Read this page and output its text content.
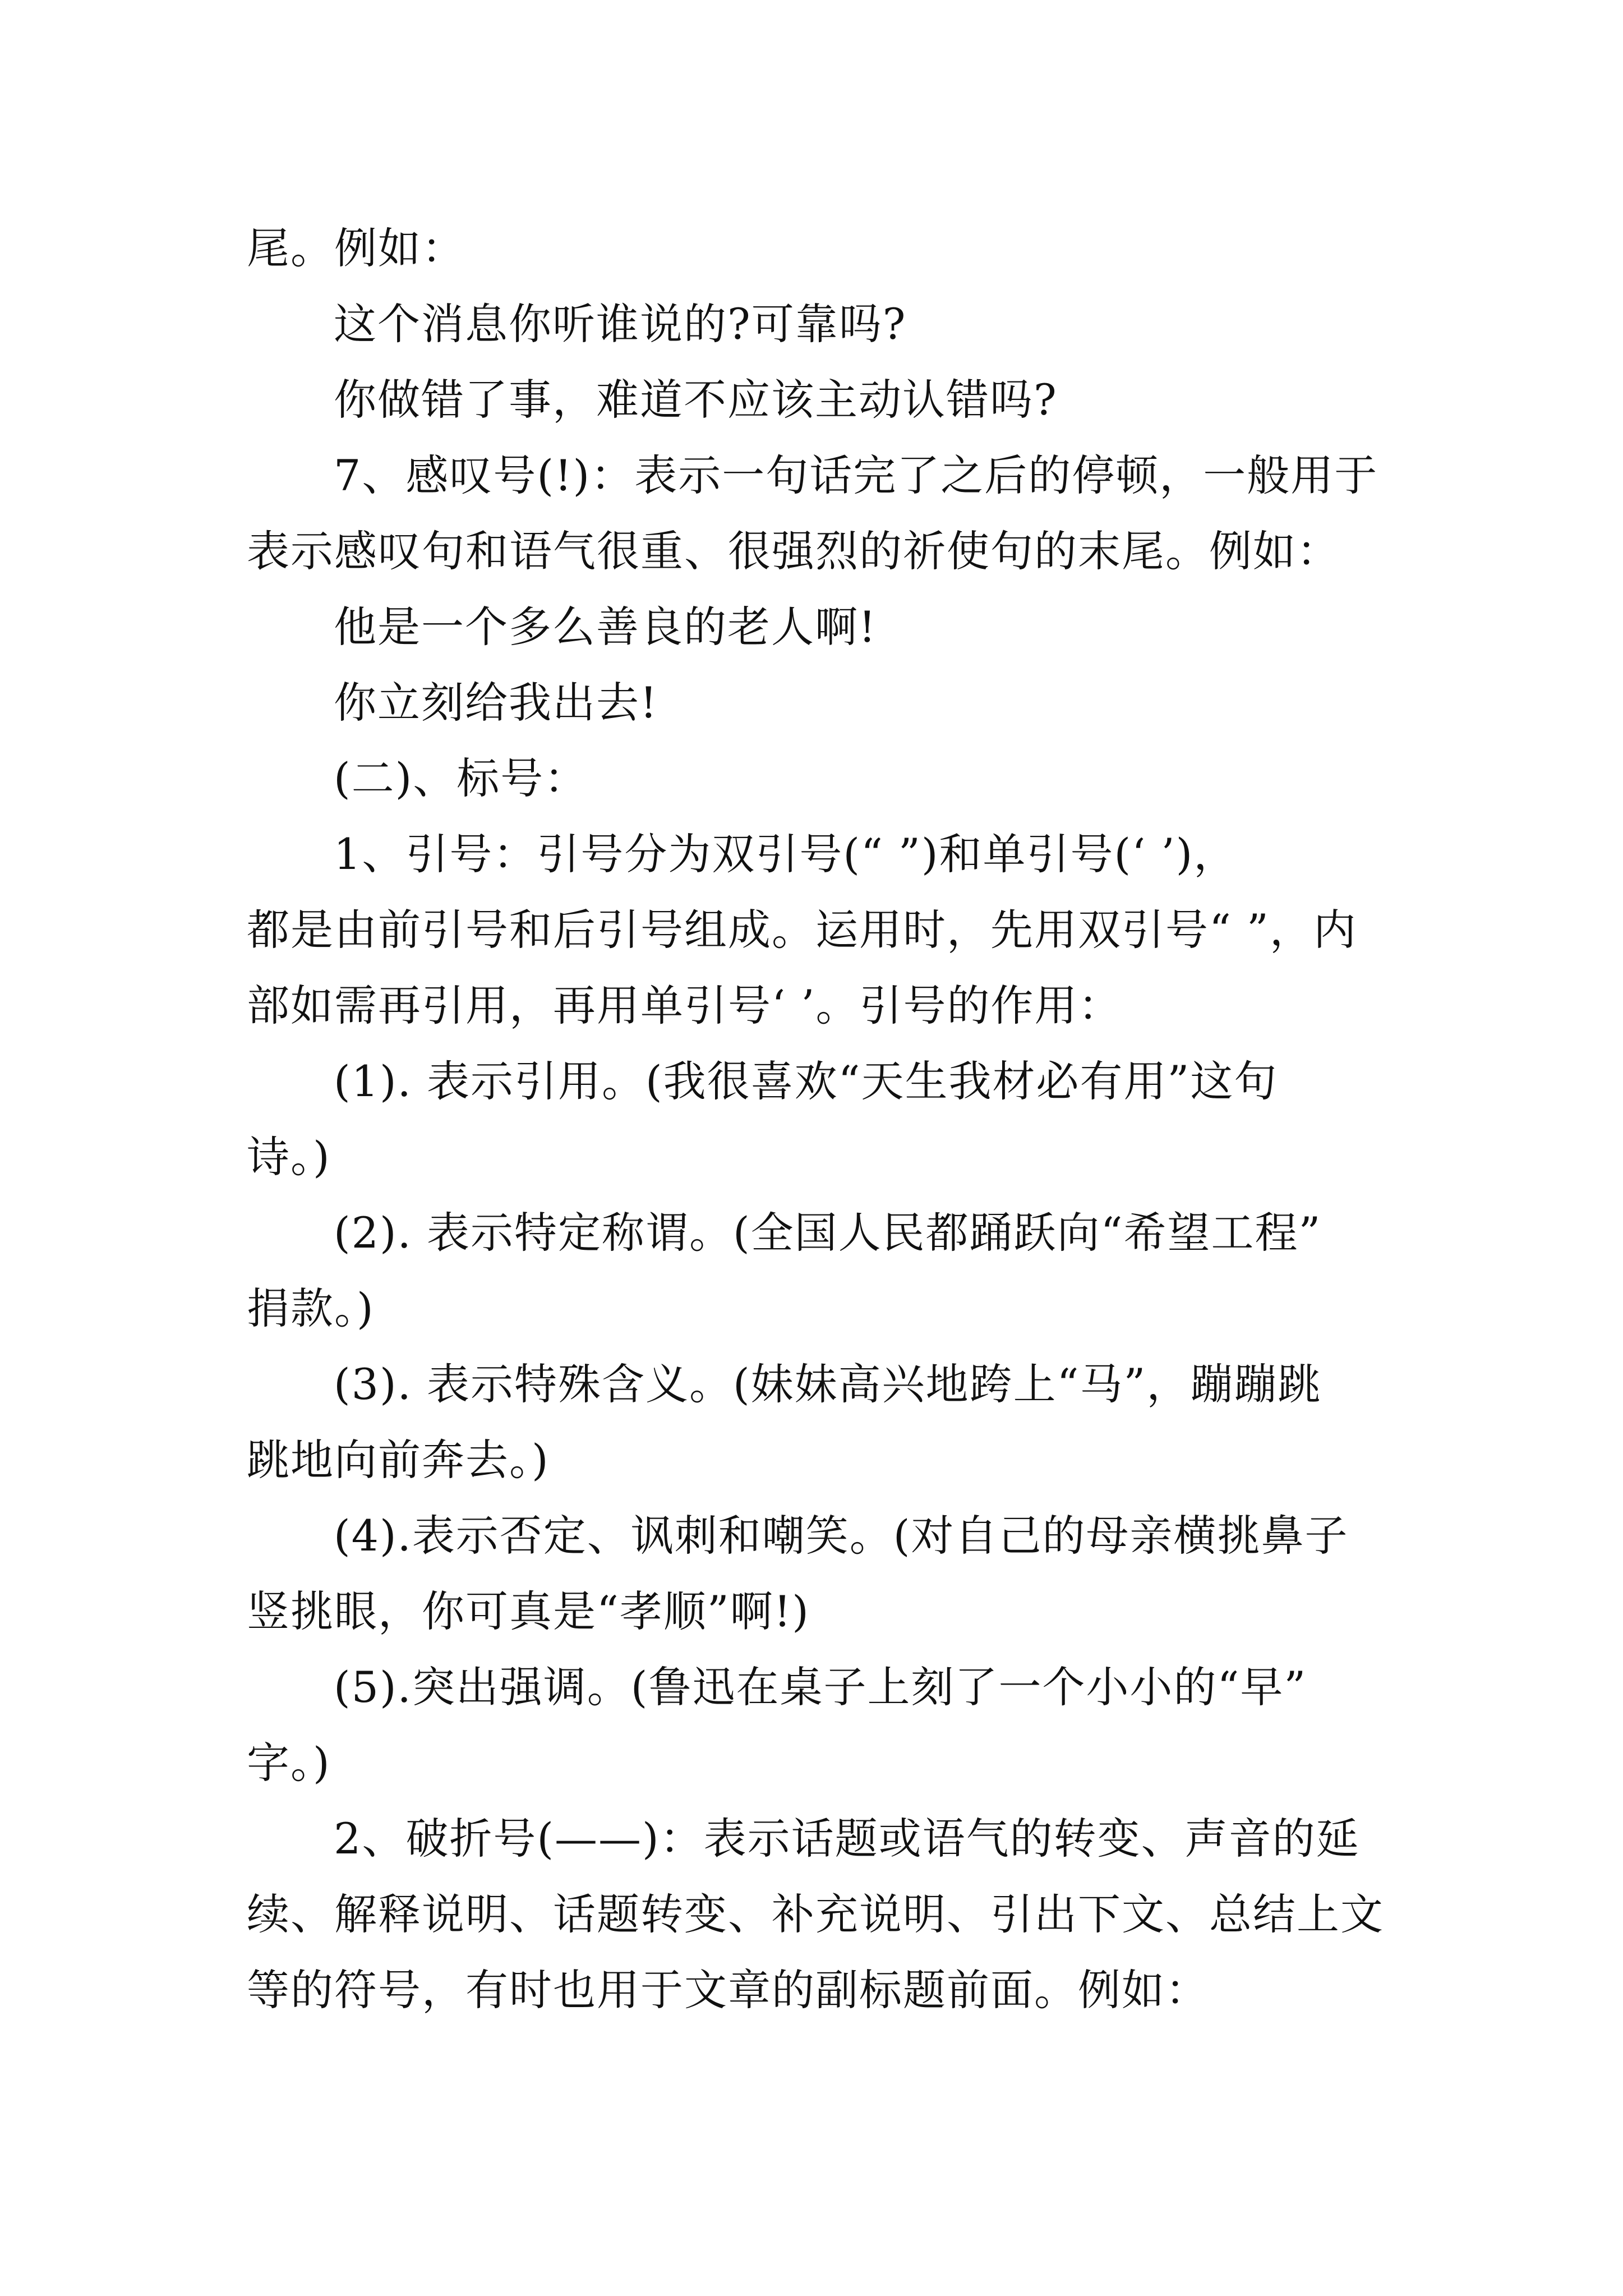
尾。例如：
这个消息你听谁说的?可靠吗?
你做错了事，难道不应该主动认错吗?
7、感叹号(!)：表示一句话完了之后的停顿，一般用于
表示感叹句和语气很重、很强烈的祈使句的末尾。例如：
他是一个多么善良的老人啊!
你立刻给我出去!
(二)、标号：
1、引号：引号分为双引号(“ ”)和单引号(‘ ’)，
都是由前引号和后引号组成。运用时，先用双引号“ ”，内
部如需再引用，再用单引号‘ ’。引号的作用：
(1). 表示引用。(我很喜欢“天生我材必有用”这句
诗。)
(2). 表示特定称谓。(全国人民都踊跃向“希望工程”
捐款。)
(3). 表示特殊含义。(妹妹高兴地跨上“马”，蹦蹦跳
跳地向前奔去。)
(4).表示否定、讽刺和嘲笑。(对自己的母亲横挑鼻子
竖挑眼，你可真是“孝顺”啊!)
(5).突出强调。(鲁迅在桌子上刻了一个小小的“早”
字。)
2、破折号(——)：表示话题或语气的转变、声音的延
续、解释说明、话题转变、补充说明、引出下文、总结上文
等的符号，有时也用于文章的副标题前面。例如：
